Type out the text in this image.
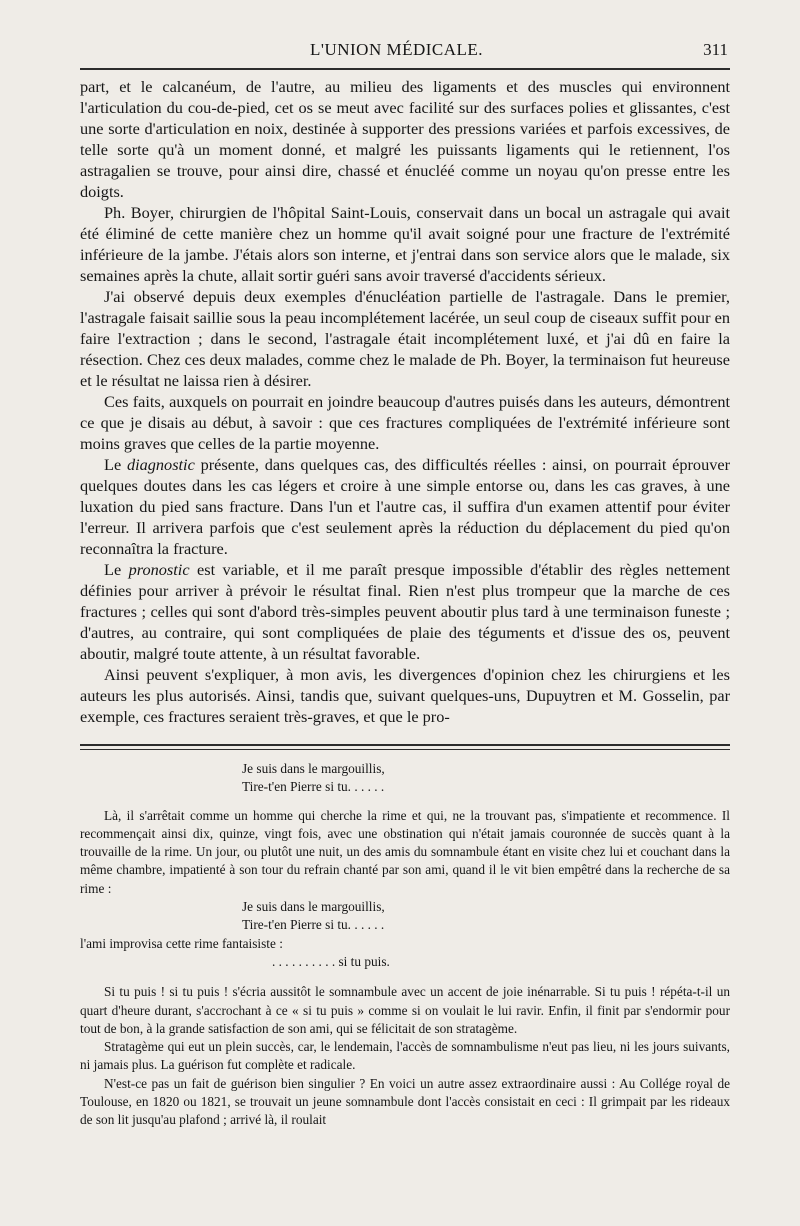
L'UNION MÉDICALE.	311

part, et le calcanéum, de l'autre, au milieu des ligaments et des muscles qui environnent l'articulation du cou-de-pied, cet os se meut avec facilité sur des surfaces polies et glissantes, c'est une sorte d'articulation en noix, destinée à supporter des pressions variées et parfois excessives, de telle sorte qu'à un moment donné, et malgré les puissants ligaments qui le retiennent, l'os astragalien se trouve, pour ainsi dire, chassé et énucléé comme un noyau qu'on presse entre les doigts.

Ph. Boyer, chirurgien de l'hôpital Saint-Louis, conservait dans un bocal un astragale qui avait été éliminé de cette manière chez un homme qu'il avait soigné pour une fracture de l'extrémité inférieure de la jambe. J'étais alors son interne, et j'entrai dans son service alors que le malade, six semaines après la chute, allait sortir guéri sans avoir traversé d'accidents sérieux.

J'ai observé depuis deux exemples d'énucléation partielle de l'astragale. Dans le premier, l'astragale faisait saillie sous la peau incomplétement lacérée, un seul coup de ciseaux suffit pour en faire l'extraction ; dans le second, l'astragale était incomplétement luxé, et j'ai dû en faire la résection. Chez ces deux malades, comme chez le malade de Ph. Boyer, la terminaison fut heureuse et le résultat ne laissa rien à désirer.

Ces faits, auxquels on pourrait en joindre beaucoup d'autres puisés dans les auteurs, démontrent ce que je disais au début, à savoir : que ces fractures compliquées de l'extrémité inférieure sont moins graves que celles de la partie moyenne.

Le diagnostic présente, dans quelques cas, des difficultés réelles : ainsi, on pourrait éprouver quelques doutes dans les cas légers et croire à une simple entorse ou, dans les cas graves, à une luxation du pied sans fracture. Dans l'un et l'autre cas, il suffira d'un examen attentif pour éviter l'erreur. Il arrivera parfois que c'est seulement après la réduction du déplacement du pied qu'on reconnaîtra la fracture.

Le pronostic est variable, et il me paraît presque impossible d'établir des règles nettement définies pour arriver à prévoir le résultat final. Rien n'est plus trompeur que la marche de ces fractures ; celles qui sont d'abord très-simples peuvent aboutir plus tard à une terminaison funeste ; d'autres, au contraire, qui sont compliquées de plaie des téguments et d'issue des os, peuvent aboutir, malgré toute attente, à un résultat favorable.

Ainsi peuvent s'expliquer, à mon avis, les divergences d'opinion chez les chirurgiens et les auteurs les plus autorisés. Ainsi, tandis que, suivant quelques-uns, Dupuytren et M. Gosselin, par exemple, ces fractures seraient très-graves, et que le pro-

Je suis dans le margouillis,
Tire-t'en Pierre si tu. . . . . .

Là, il s'arrêtait comme un homme qui cherche la rime et qui, ne la trouvant pas, s'impatiente et recommence. Il recommençait ainsi dix, quinze, vingt fois, avec une obstination qui n'était jamais couronnée de succès quant à la trouvaille de la rime. Un jour, ou plutôt une nuit, un des amis du somnambule étant en visite chez lui et couchant dans la même chambre, impatienté à son tour du refrain chanté par son ami, quand il le vit bien empêtré dans la recherche de sa rime :

Je suis dans le margouillis,
Tire-t'en Pierre si tu. . . . . .

l'ami improvisa cette rime fantaisiste :

. . . . . . . . . . si tu puis.

Si tu puis ! si tu puis ! s'écria aussitôt le somnambule avec un accent de joie inénarrable. Si tu puis ! répéta-t-il un quart d'heure durant, s'accrochant à ce « si tu puis » comme si on voulait le lui ravir. Enfin, il finit par s'endormir pour tout de bon, à la grande satisfaction de son ami, qui se félicitait de son stratagème.

Stratagème qui eut un plein succès, car, le lendemain, l'accès de somnambulisme n'eut pas lieu, ni les jours suivants, ni jamais plus. La guérison fut complète et radicale.

N'est-ce pas un fait de guérison bien singulier ? En voici un autre assez extraordinaire aussi : Au Collége royal de Toulouse, en 1820 ou 1821, se trouvait un jeune somnambule dont l'accès consistait en ceci : Il grimpait par les rideaux de son lit jusqu'au plafond ; arrivé là, il roulait
